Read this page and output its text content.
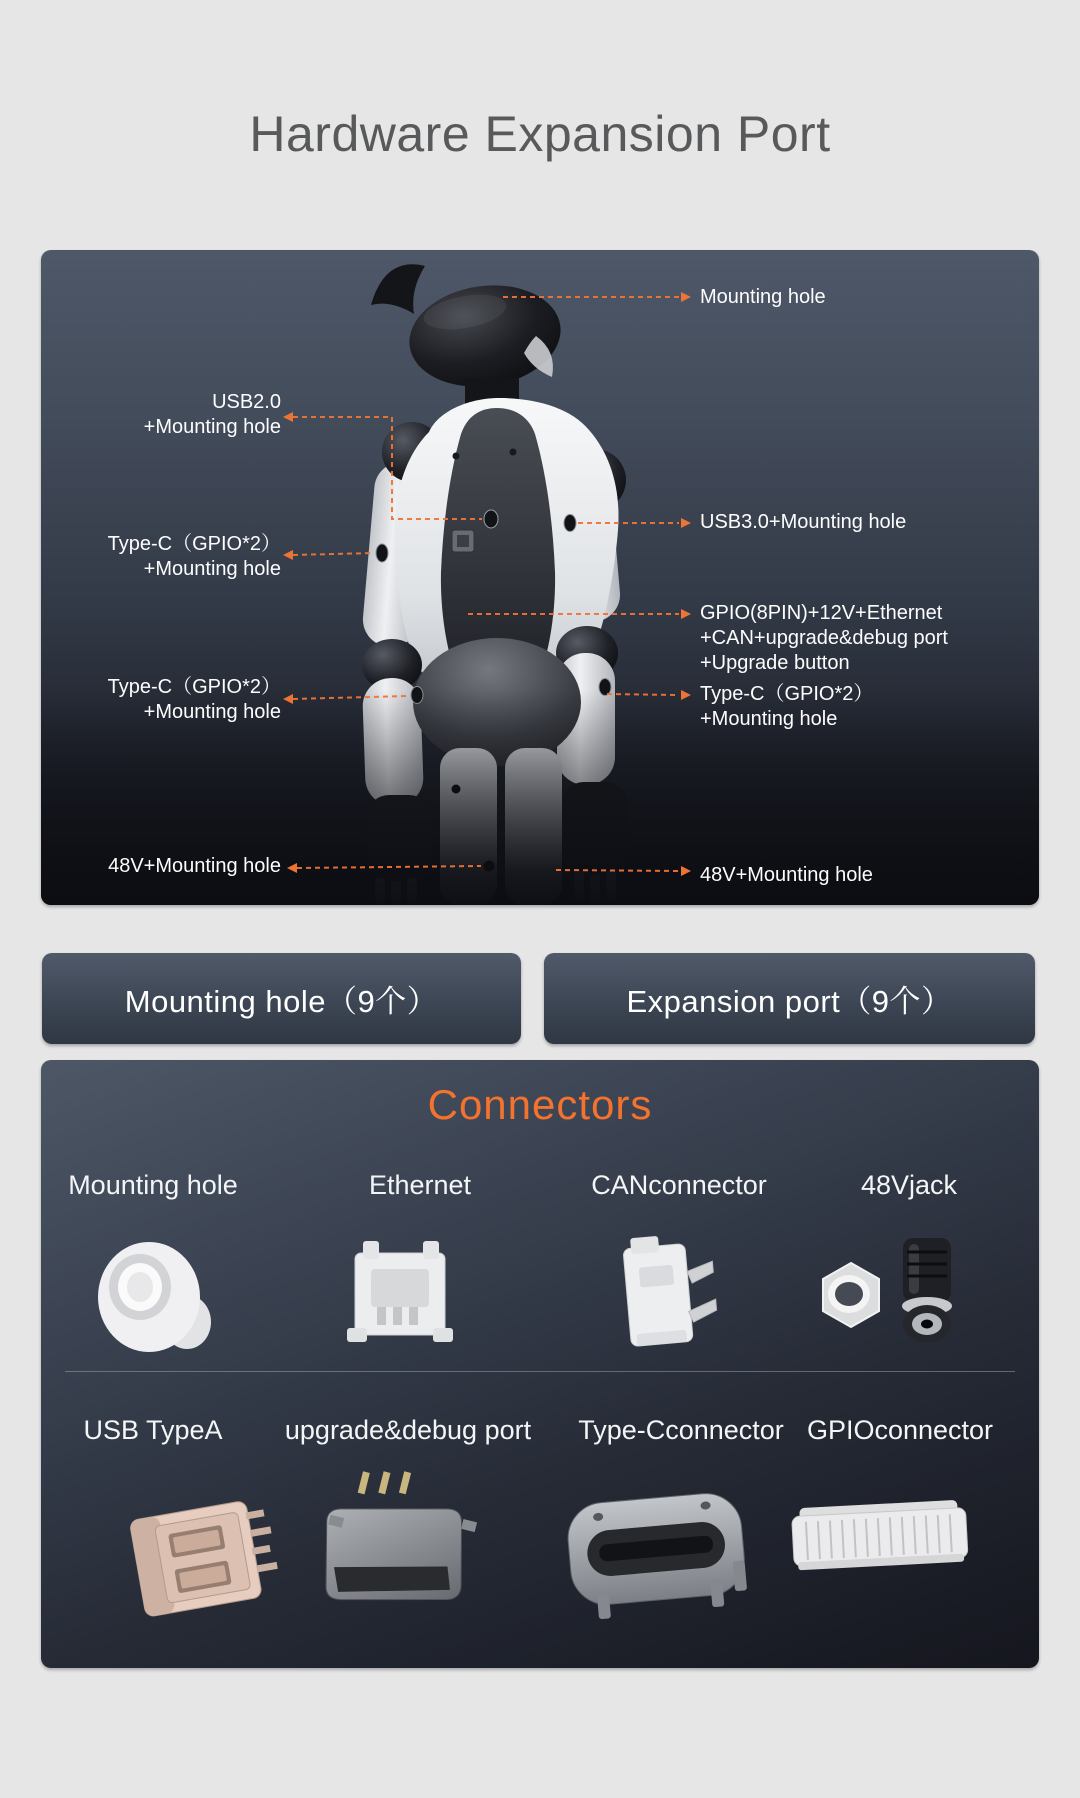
Hardware Expansion Port
USB2.0
+Mounting hole
Type-C（GPIO*2）
+Mounting hole
Type-C（GPIO*2）
+Mounting hole
48V+Mounting hole
Mounting hole
USB3.0+Mounting hole
GPIO(8PIN)+12V+Ethernet
+CAN+upgrade&debug port
+Upgrade button
Type-C（GPIO*2）
+Mounting hole
48V+Mounting hole
Mounting hole（9个）	Expansion port（9个）
Connectors
Mounting hole	Ethernet	CANconnector	48Vjack
USB TypeA	upgrade&debug port	Type-Cconnector GPIOconnector
